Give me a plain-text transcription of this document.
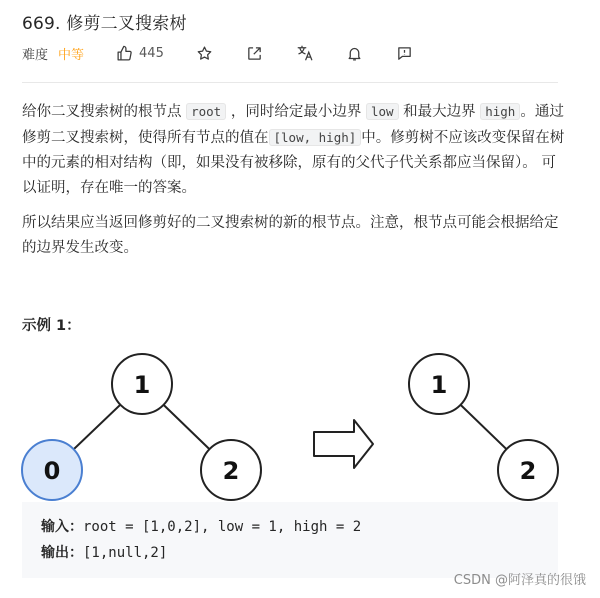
669. 修剪二叉搜索树
难度 中等	445

给你二叉搜索树的根节点 root ，同时给定最小边界 low 和最大边界 high 。通过修剪二叉搜索树，使得所有节点的值在 [low, high] 中。修剪树不应该改变保留在树中的元素的相对结构（即，如果没有被移除，原有的父代子代关系都应当保留）。 可以证明，存在唯一的答案。

所以结果应当返回修剪好的二叉搜索树的新的根节点。注意，根节点可能会根据给定的边界发生改变。

示例 1：
1
0	2
1
2
输入：root = [1,0,2], low = 1, high = 2
输出：[1,null,2]
CSDN @阿泽真的很饿
